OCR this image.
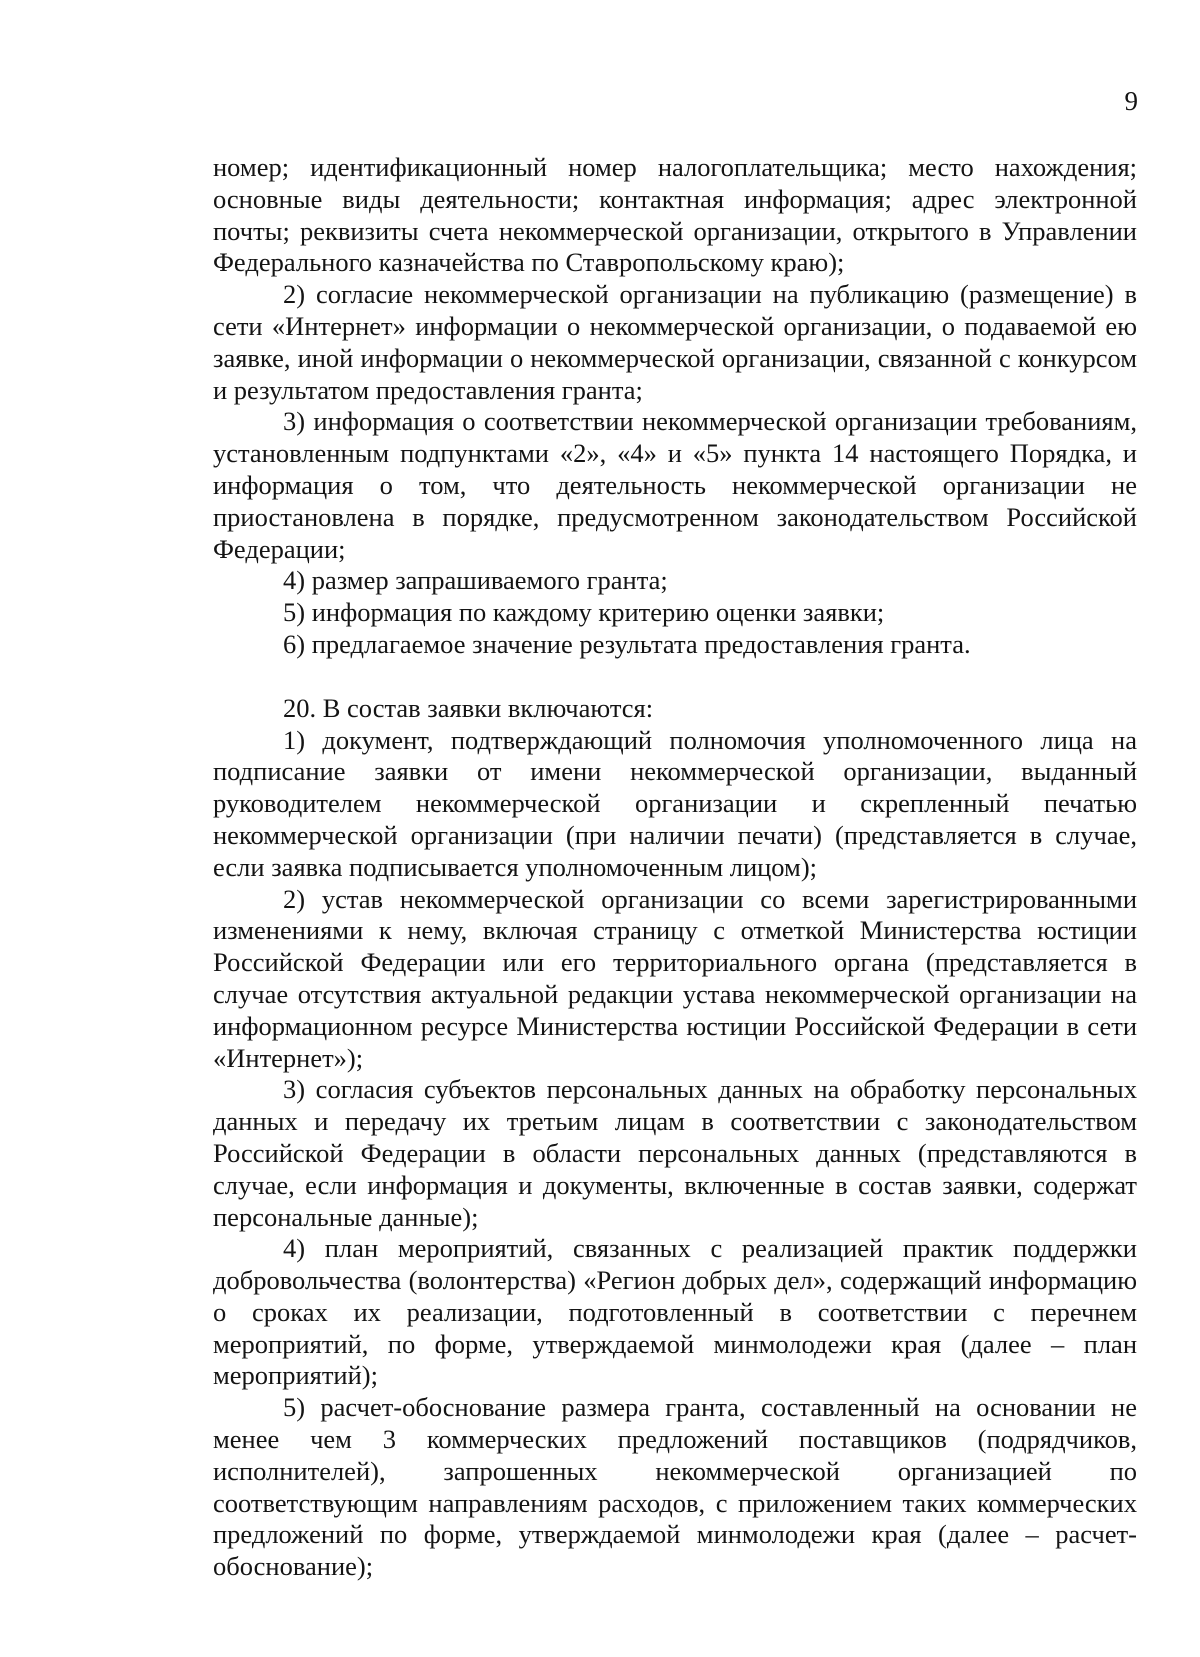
9

номер; идентификационный номер налогоплательщика; место нахождения; основные виды деятельности; контактная информация; адрес электронной почты; реквизиты счета некоммерческой организации, открытого в Управлении Федерального казначейства по Ставропольскому краю);

2) согласие некоммерческой организации на публикацию (размещение) в сети «Интернет» информации о некоммерческой организации, о подаваемой ею заявке, иной информации о некоммерческой организации, связанной с конкурсом и результатом предоставления гранта;

3) информация о соответствии некоммерческой организации требованиям, установленным подпунктами «2», «4» и «5» пункта 14 настоящего Порядка, и информация о том, что деятельность некоммерческой организации не приостановлена в порядке, предусмотренном законодательством Российской Федерации;

4) размер запрашиваемого гранта;

5) информация по каждому критерию оценки заявки;

6) предлагаемое значение результата предоставления гранта.

20. В состав заявки включаются:

1) документ, подтверждающий полномочия уполномоченного лица на подписание заявки от имени некоммерческой организации, выданный руководителем некоммерческой организации и скрепленный печатью некоммерческой организации (при наличии печати) (представляется в случае, если заявка подписывается уполномоченным лицом);

2) устав некоммерческой организации со всеми зарегистрированными изменениями к нему, включая страницу с отметкой Министерства юстиции Российской Федерации или его территориального органа (представляется в случае отсутствия актуальной редакции устава некоммерческой организации на информационном ресурсе Министерства юстиции Российской Федерации в сети «Интернет»);

3) согласия субъектов персональных данных на обработку персональных данных и передачу их третьим лицам в соответствии с законодательством Российской Федерации в области персональных данных (представляются в случае, если информация и документы, включенные в состав заявки, содержат персональные данные);

4) план мероприятий, связанных с реализацией практик поддержки добровольчества (волонтерства) «Регион добрых дел», содержащий информацию о сроках их реализации, подготовленный в соответствии с перечнем мероприятий, по форме, утверждаемой минмолодежи края (далее – план мероприятий);

5) расчет-обоснование размера гранта, составленный на основании не менее чем 3 коммерческих предложений поставщиков (подрядчиков, исполнителей), запрошенных некоммерческой организацией по соответствующим направлениям расходов, с приложением таких коммерческих предложений по форме, утверждаемой минмолодежи края (далее – расчет-обоснование);
